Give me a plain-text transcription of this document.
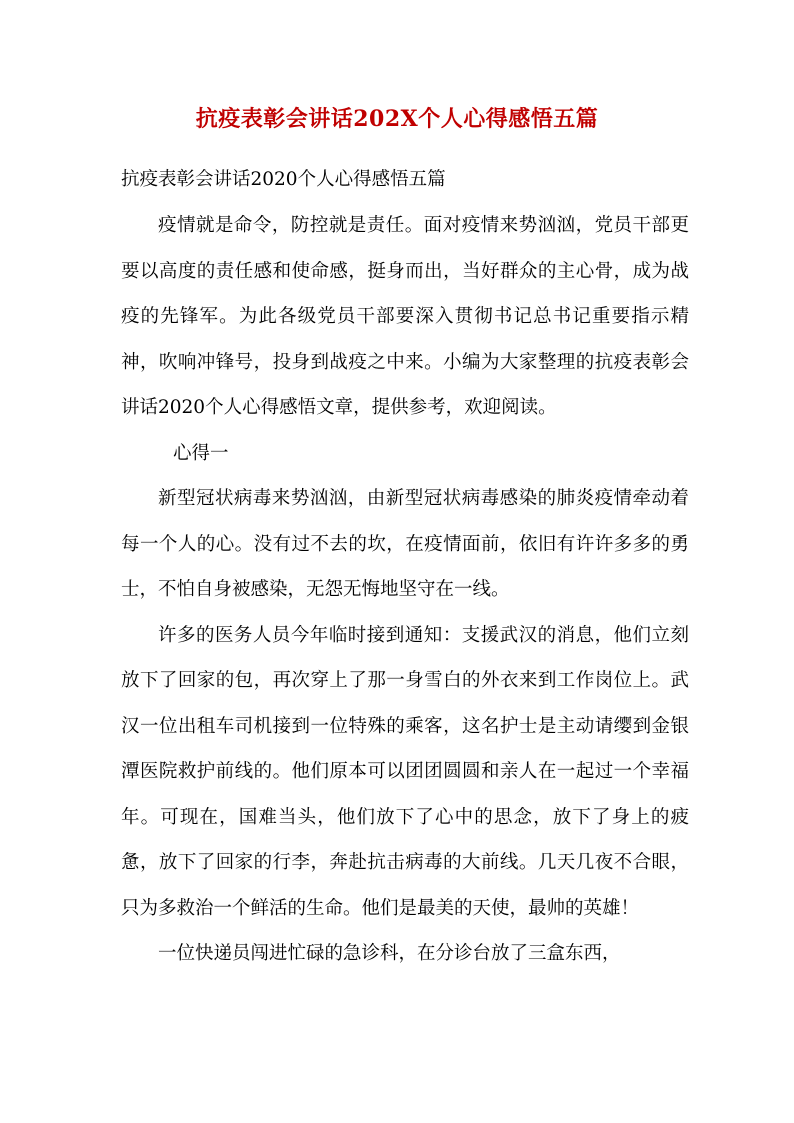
抗疫表彰会讲话202X个人心得感悟五篇
抗疫表彰会讲话2020个人心得感悟五篇

疫情就是命令，防控就是责任。面对疫情来势汹汹，党员干部更要以高度的责任感和使命感，挺身而出，当好群众的主心骨，成为战疫的先锋军。为此各级党员干部要深入贯彻书记总书记重要指示精神，吹响冲锋号，投身到战疫之中来。小编为大家整理的抗疫表彰会讲话2020个人心得感悟文章，提供参考，欢迎阅读。

心得一

新型冠状病毒来势汹汹，由新型冠状病毒感染的肺炎疫情牵动着每一个人的心。没有过不去的坎，在疫情面前，依旧有许许多多的勇士，不怕自身被感染，无怨无悔地坚守在一线。

许多的医务人员今年临时接到通知：支援武汉的消息，他们立刻放下了回家的包，再次穿上了那一身雪白的外衣来到工作岗位上。武汉一位出租车司机接到一位特殊的乘客，这名护士是主动请缨到金银潭医院救护前线的。他们原本可以团团圆圆和亲人在一起过一个幸福年。可现在，国难当头，他们放下了心中的思念，放下了身上的疲惫，放下了回家的行李，奔赴抗击病毒的大前线。几天几夜不合眼，只为多救治一个鲜活的生命。他们是最美的天使，最帅的英雄！

一位快递员闯进忙碌的急诊科，在分诊台放了三盒东西，
